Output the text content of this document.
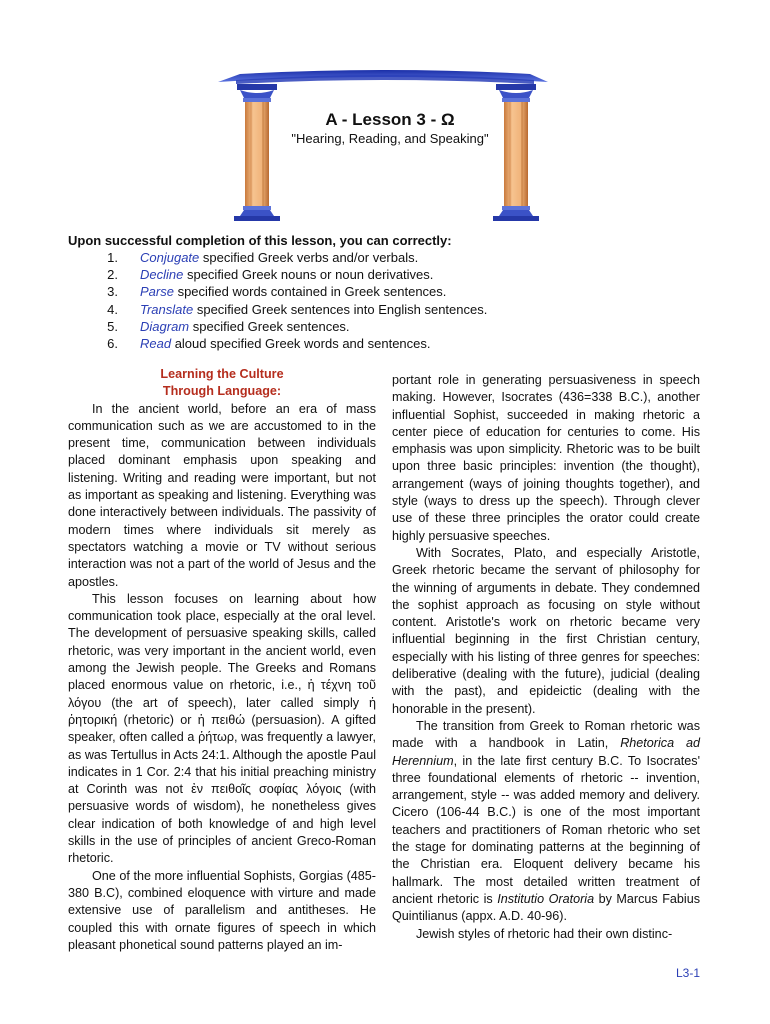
A - Lesson 3 - Ω
"Hearing, Reading, and Speaking"
Upon successful completion of this lesson, you can correctly:
1. Conjugate specified Greek verbs and/or verbals.
2. Decline specified Greek nouns or noun derivatives.
3. Parse specified words contained in Greek sentences.
4. Translate specified Greek sentences into English sentences.
5. Diagram specified Greek sentences.
6. Read aloud specified Greek words and sentences.
Learning the Culture
Through Language:

In the ancient world, before an era of mass communication such as we are accustomed to in the present time, communication between individuals placed dominant emphasis upon speaking and listening. Writing and reading were important, but not as important as speaking and listening. Everything was done interactively between individuals. The passivity of modern times where individuals sit merely as spectators watching a movie or TV without serious interaction was not a part of the world of Jesus and the apostles.

This lesson focuses on learning about how communication took place, especially at the oral level. The development of persuasive speaking skills, called rhetoric, was very important in the ancient world, even among the Jewish people. The Greeks and Romans placed enormous value on rhetoric, i.e., ἡ τέχνη τοῦ λόγου (the art of speech), later called simply ἡ ῥητορική (rhetoric) or ἡ πειθώ (persuasion). A gifted speaker, often called a ῥήτωρ, was frequently a lawyer, as was Tertullus in Acts 24:1. Although the apostle Paul indicates in 1 Cor. 2:4 that his initial preaching ministry at Corinth was not ἐν πειθοῖς σοφίας λόγοις (with persuasive words of wisdom), he nonetheless gives clear indication of both knowledge of and high level skills in the use of principles of ancient Greco-Roman rhetoric.

One of the more influential Sophists, Gorgias (485-380 B.C), combined eloquence with virture and made extensive use of parallelism and antitheses. He coupled this with ornate figures of speech in which pleasant phonetical sound patterns played an im-

portant role in generating persuasiveness in speech making. However, Isocrates (436=338 B.C.), another influential Sophist, succeeded in making rhetoric a center piece of education for centuries to come. His emphasis was upon simplicity. Rhetoric was to be built upon three basic principles: invention (the thought), arrangement (ways of joining thoughts together), and style (ways to dress up the speech). Through clever use of these three principles the orator could create highly persuasive speeches.

With Socrates, Plato, and especially Aristotle, Greek rhetoric became the servant of philosophy for the winning of arguments in debate. They condemned the sophist approach as focusing on style without content. Aristotle's work on rhetoric became very influential beginning in the first Christian century, especially with his listing of three genres for speeches: deliberative (dealing with the future), judicial (dealing with the past), and epideictic (dealing with the honorable in the present).

The transition from Greek to Roman rhetoric was made with a handbook in Latin, Rhetorica ad Herennium, in the late first century B.C. To Isocrates' three foundational elements of rhetoric -- invention, arrangement, style -- was added memory and delivery. Cicero (106-44 B.C.) is one of the most important teachers and practitioners of Roman rhetoric who set the stage for dominating patterns at the beginning of the Christian era. Eloquent delivery became his hallmark. The most detailed written treatment of ancient rhetoric is Institutio Oratoria by Marcus Fabius Quintilianus (appx. A.D. 40-96).

Jewish styles of rhetoric had their own distinc-

L3-1
